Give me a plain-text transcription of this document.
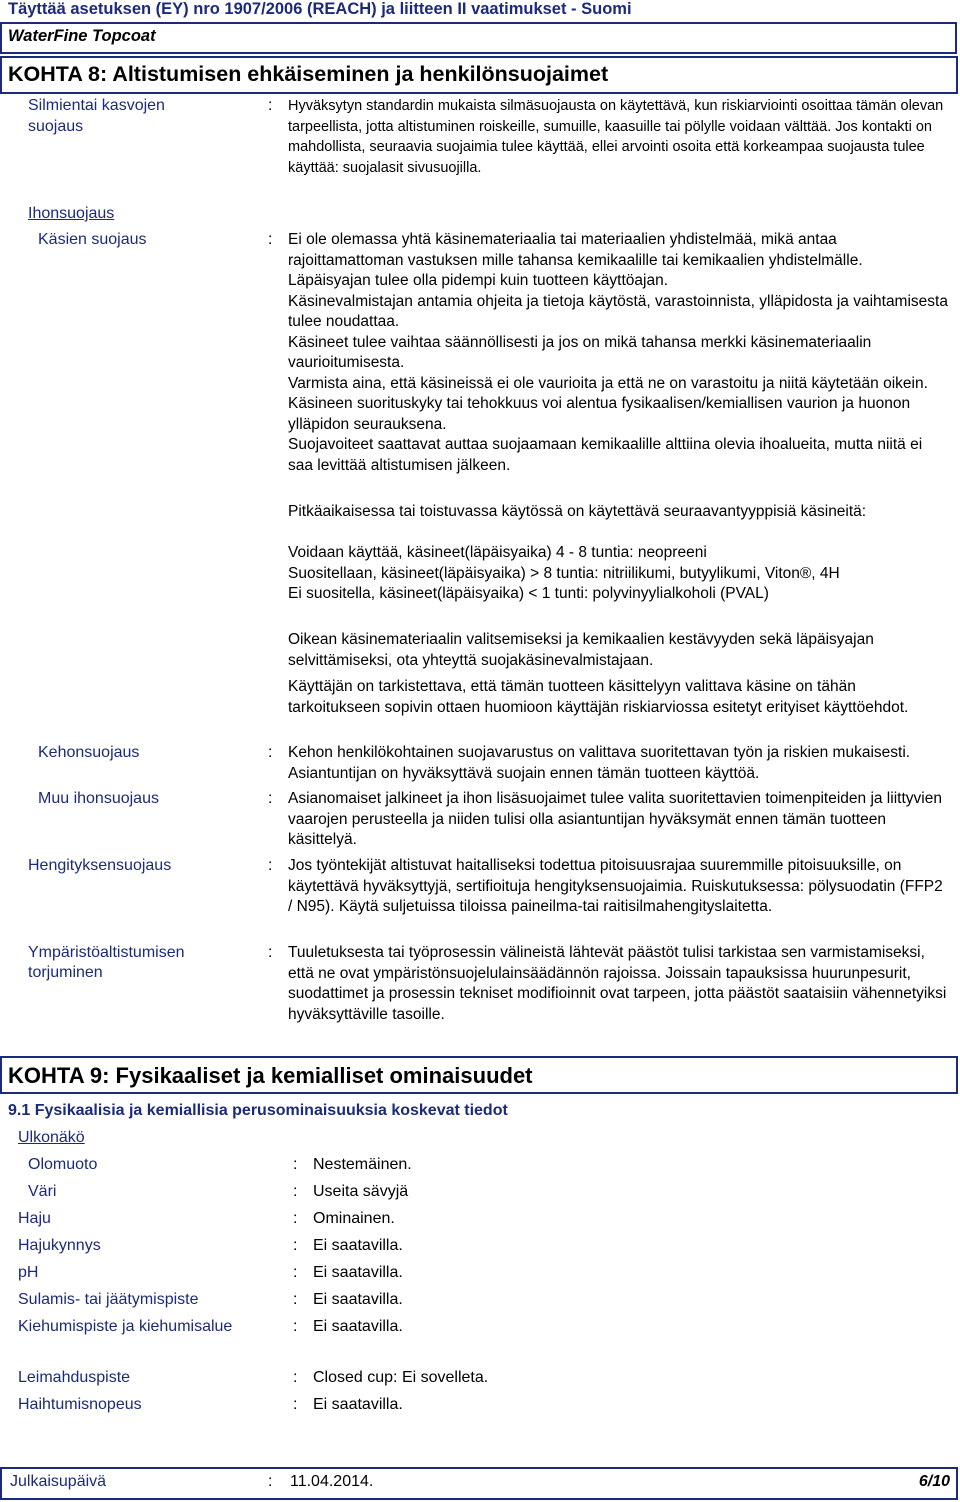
Täyttää asetuksen (EY) nro 1907/2006 (REACH) ja liitteen II vaatimukset - Suomi
WaterFine Topcoat
KOHTA 8: Altistumisen ehkäiseminen ja henkilönsuojaimet
Silmientai kasvojen
suojaus
: Hyväksytyn standardin mukaista silmäsuojausta on käytettävä, kun riskiarviointi osoittaa tämän olevan tarpeellista, jotta altistuminen roiskeille, sumuille, kaasuille tai pölylle voidaan välttää. Jos kontakti on mahdollista, seuraavia suojaimia tulee käyttää, ellei arvointi osoita että korkeampaa suojausta tulee käyttää: suojalasit sivusuojilla.
Ihonsuojaus
Käsien suojaus	: Ei ole olemassa yhtä käsinemateriaalia tai materiaalien yhdistelmää, mikä antaa rajoittamattoman vastuksen mille tahansa kemikaalille tai kemikaalien yhdistelmälle.

Läpäisyajan tulee olla pidempi kuin tuotteen käyttöajan.

Käsinevalmistajan antamia ohjeita ja tietoja käytöstä, varastoinnista, ylläpidosta ja vaihtamisesta tulee noudattaa.

Käsineet tulee vaihtaa säännöllisesti ja jos on mikä tahansa merkki käsinemateriaalin vaurioitumisesta.

Varmista aina, että käsineissä ei ole vaurioita ja että ne on varastoitu ja niitä käytetään oikein.

Käsineen suorituskyky tai tehokkuus voi alentua fysikaalisen/kemiallisen vaurion ja huonon ylläpidon seurauksena.

Suojavoiteet saattavat auttaa suojaamaan kemikaalille alttiina olevia ihoalueita, mutta niitä ei saa levittää altistumisen jälkeen.

Pitkäaikaisessa tai toistuvassa käytössä on käytettävä seuraavantyyppisiä käsineitä:

Voidaan käyttää, käsineet(läpäisyaika) 4 - 8 tuntia: neopreeni

Suositellaan, käsineet(läpäisyaika) > 8 tuntia: nitriilikumi, butyylikumi, Viton®, 4H

Ei suositella, käsineet(läpäisyaika) < 1 tunti: polyvinyylialkoholi (PVAL)

Oikean käsinemateriaalin valitsemiseksi ja kemikaalien kestävyyden sekä läpäisyajan selvittämiseksi, ota yhteyttä suojakäsinevalmistajaan.

Käyttäjän on tarkistettava, että tämän tuotteen käsittelyyn valittava käsine on tähän tarkoitukseen sopivin ottaen huomioon käyttäjän riskiarviossa esitetyt erityiset käyttöehdot.

Kehonsuojaus	: Kehon henkilökohtainen suojavarustus on valittava suoritettavan työn ja riskien mukaisesti. Asiantuntijan on hyväksyttävä suojain ennen tämän tuotteen käyttöä.
Muu ihonsuojaus	: Asianomaiset jalkineet ja ihon lisäsuojaimet tulee valita suoritettavien toimenpiteiden ja liittyvien vaarojen perusteella ja niiden tulisi olla asiantuntijan hyväksymät ennen tämän tuotteen käsittelyä.
Hengityksensuojaus	: Jos työntekijät altistuvat haitalliseksi todettua pitoisuusrajaa suuremmille pitoisuuksille, on käytettävä hyväksyttyjä, sertifioituja hengityksensuojaimia. Ruiskutuksessa: pölysuodatin (FFP2 / N95). Käytä suljetuissa tiloissa paineilma-tai raitisilmahengityslaitetta.
Ympäristöaltistumisen
torjuminen
: Tuuletuksesta tai työprosessin välineistä lähtevät päästöt tulisi tarkistaa sen varmistamiseksi, että ne ovat ympäristönsuojelulainsäädännön rajoissa. Joissain tapauksissa huurunpesurit, suodattimet ja prosessin tekniset modifioinnit ovat tarpeen, jotta päästöt saataisiin vähennetyiksi hyväksyttäville tasoille.
KOHTA 9: Fysikaaliset ja kemialliset ominaisuudet
9.1 Fysikaalisia ja kemiallisia perusominaisuuksia koskevat tiedot
Ulkonäkö
Olomuoto	: Nestemäinen.
Väri	: Useita sävyjä
Haju	: Ominainen.
Hajukynnys	: Ei saatavilla.
pH	: Ei saatavilla.
Sulamis- tai jäätymispiste	: Ei saatavilla.
Kiehumispiste ja kiehumisalue	: Ei saatavilla.
Leimahduspiste	: Closed cup: Ei sovelleta.
Haihtumisnopeus	: Ei saatavilla.
Julkaisupäivä	: 11.04.2014.	6/10
